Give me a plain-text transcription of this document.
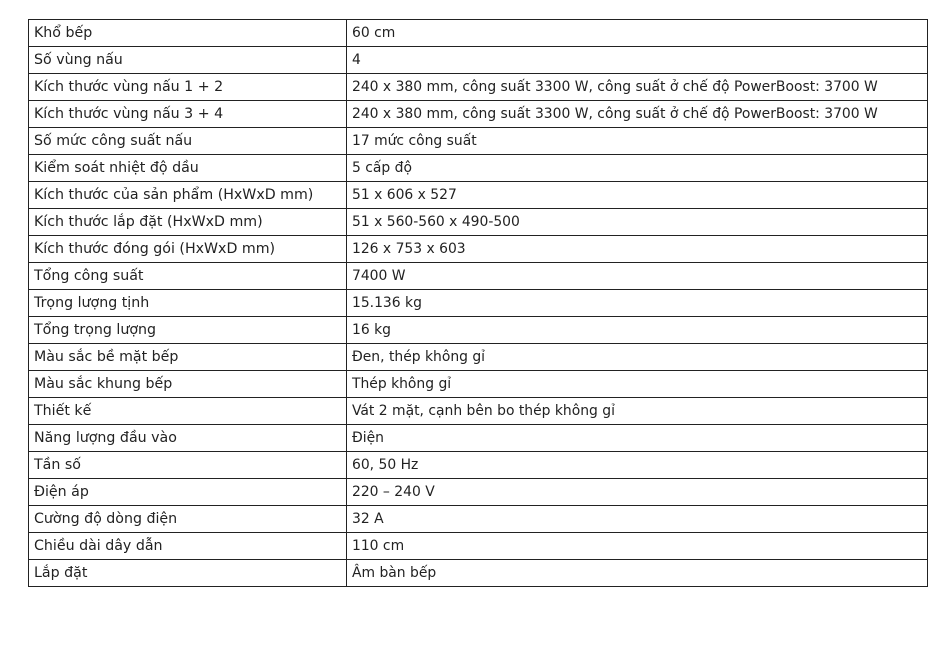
Khổ bếp	60 cm
Số vùng nấu	4
Kích thước vùng nấu 1 + 2	240 x 380 mm, công suất 3300 W, công suất ở chế độ PowerBoost: 3700 W
Kích thước vùng nấu 3 + 4	240 x 380 mm, công suất 3300 W, công suất ở chế độ PowerBoost: 3700 W
Số mức công suất nấu	17 mức công suất
Kiểm soát nhiệt độ dầu	5 cấp độ
Kích thước của sản phẩm (HxWxD mm)	51 x 606 x 527
Kích thước lắp đặt (HxWxD mm)	51 x 560-560 x 490-500
Kích thước đóng gói (HxWxD mm)	126 x 753 x 603
Tổng công suất	7400 W
Trọng lượng tịnh	15.136 kg
Tổng trọng lượng	16 kg
Màu sắc bề mặt bếp	Đen, thép không gỉ
Màu sắc khung bếp	Thép không gỉ
Thiết kế	Vát 2 mặt, cạnh bên bo thép không gỉ
Năng lượng đầu vào	Điện
Tần số	60, 50 Hz
Điện áp	220 – 240 V
Cường độ dòng điện	32 A
Chiều dài dây dẫn	110 cm
Lắp đặt	Âm bàn bếp
